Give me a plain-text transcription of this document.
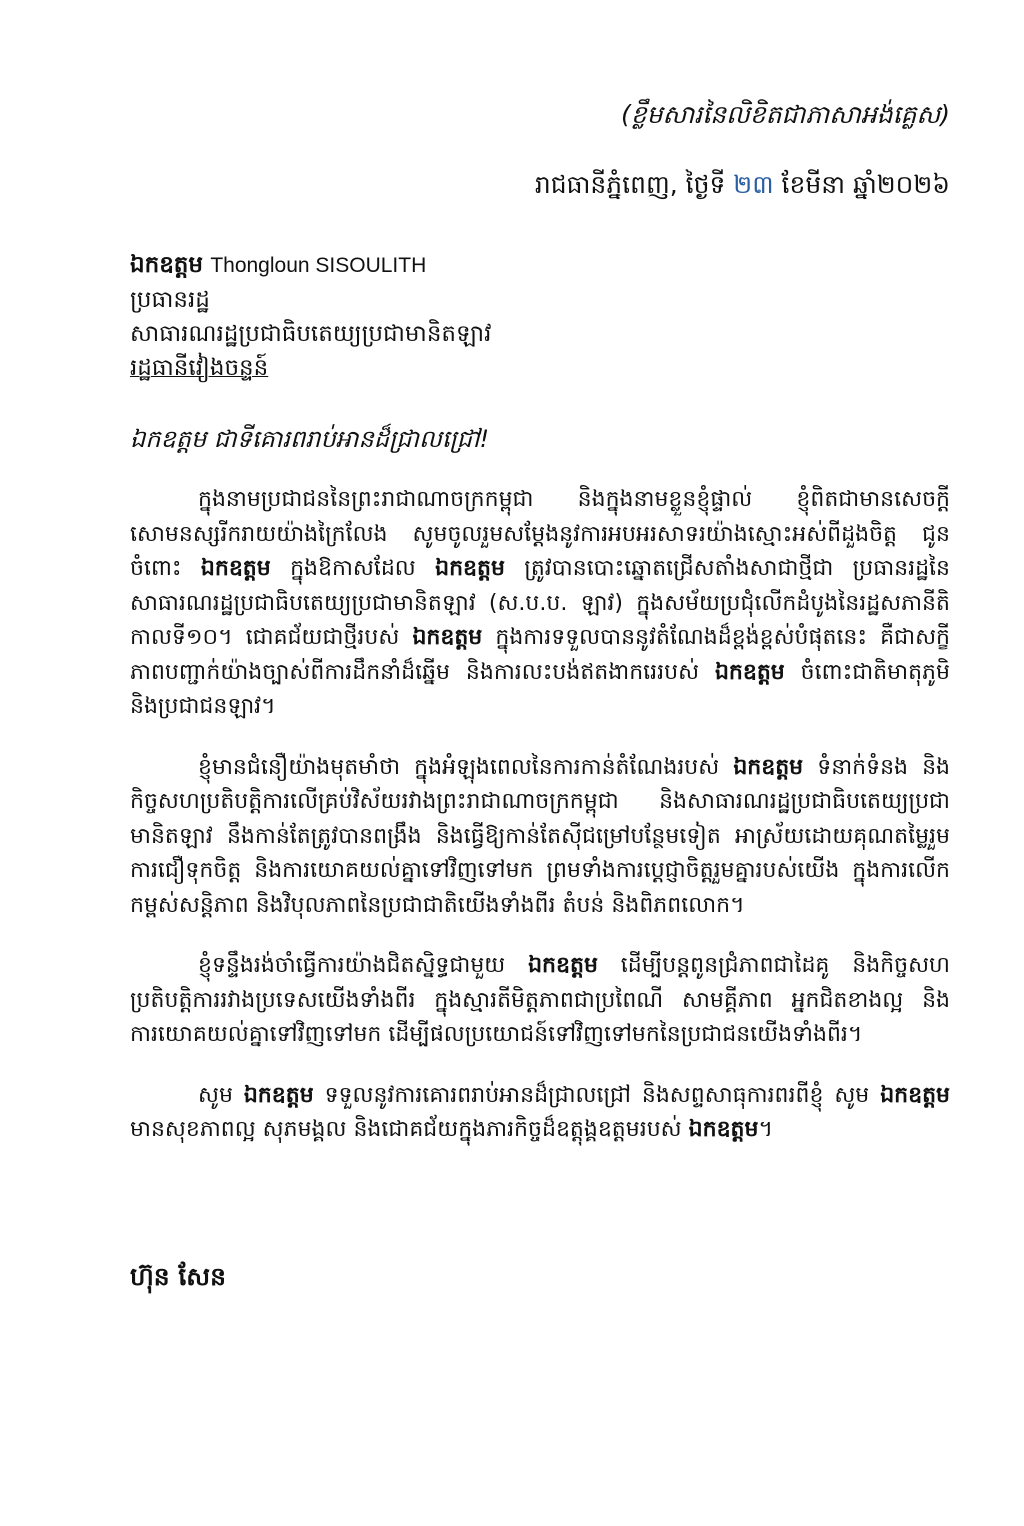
(ខ្លឹមសារនៃលិខិតជាភាសាអង់គ្លេស)
រាជធានីភ្នំពេញ, ថ្ងៃទី ២៣ ខែមីនា ឆ្នាំ២០២៦
ឯកឧត្តម Thongloun SISOULITH
ប្រធានរដ្ឋ
សាធារណរដ្ឋប្រជាធិបតេយ្យប្រជាមានិតឡាវ
រដ្ឋធានីវៀងចន្ទន៍
ឯកឧត្តម ជាទីគោរពរាប់អានដ៏ជ្រាលជ្រៅ!

ក្នុងនាមប្រជាជននៃព្រះរាជាណាចក្រកម្ពុជា និងក្នុងនាមខ្លួនខ្ញុំផ្ទាល់ ខ្ញុំពិតជាមានសេចក្តីសោមនស្សរីករាយយ៉ាងក្រៃលែង សូមចូលរួមសម្តែងនូវការអបអរសាទរយ៉ាងស្មោះអស់ពីដួងចិត្ត ជូនចំពោះ ឯកឧត្តម ក្នុងឱកាសដែល ឯកឧត្តម ត្រូវបានបោះឆ្នោតជ្រើសតាំងសាជាថ្មីជា ប្រធានរដ្ឋនៃសាធារណរដ្ឋប្រជាធិបតេយ្យប្រជាមានិតឡាវ (ស.ប.ប. ឡាវ) ក្នុងសម័យប្រជុំលើកដំបូងនៃរដ្ឋសភានីតិកាលទី១០។ ជោគជ័យជាថ្មីរបស់ ឯកឧត្តម ក្នុងការទទួលបាននូវតំណែងដ៏ខ្ពង់ខ្ពស់បំផុតនេះ គឺជាសក្ខីភាពបញ្ជាក់យ៉ាងច្បាស់ពីការដឹកនាំដ៏ឆ្នើម និងការលះបង់ឥតងាករេរបស់ ឯកឧត្តម ចំពោះជាតិមាតុភូមិ និងប្រជាជនឡាវ។

ខ្ញុំមានជំនឿយ៉ាងមុតមាំថា ក្នុងអំឡុងពេលនៃការកាន់តំណែងរបស់ ឯកឧត្តម ទំនាក់ទំនង និងកិច្ចសហប្រតិបត្តិការលើគ្រប់វិស័យរវាងព្រះរាជាណាចក្រកម្ពុជា និងសាធារណរដ្ឋប្រជាធិបតេយ្យប្រជាមានិតឡាវ នឹងកាន់តែត្រូវបានពង្រឹង និងធ្វើឱ្យកាន់តែស៊ីជម្រៅបន្ថែមទៀត អាស្រ័យដោយគុណតម្លៃរួម ការជឿទុកចិត្ត និងការយោគយល់គ្នាទៅវិញទៅមក ព្រមទាំងការប្តេជ្ញាចិត្តរួមគ្នារបស់យើង ក្នុងការលើកកម្ពស់សន្តិភាព និងវិបុលភាពនៃប្រជាជាតិយើងទាំងពីរ តំបន់ និងពិភពលោក។

ខ្ញុំទន្ទឹងរង់ចាំធ្វើការយ៉ាងជិតស្និទ្ធជាមួយ ឯកឧត្តម ដើម្បីបន្តពូនជ្រំភាពជាដៃគូ និងកិច្ចសហប្រតិបត្តិការរវាងប្រទេសយើងទាំងពីរ ក្នុងស្មារតីមិត្តភាពជាប្រពៃណី សាមគ្គីភាព អ្នកជិតខាងល្អ និងការយោគយល់គ្នាទៅវិញទៅមក ដើម្បីផលប្រយោជន៍ទៅវិញទៅមកនៃប្រជាជនយើងទាំងពីរ។

សូម ឯកឧត្តម ទទួលនូវការគោរពរាប់អានដ៏ជ្រាលជ្រៅ និងសព្ទសាធុការពរពីខ្ញុំ សូម ឯកឧត្តម មានសុខភាពល្អ សុភមង្គល និងជោគជ័យក្នុងភារកិច្ចដ៏ឧត្តុង្គឧត្តមរបស់ ឯកឧត្តម។

ហ៊ុន សែន
